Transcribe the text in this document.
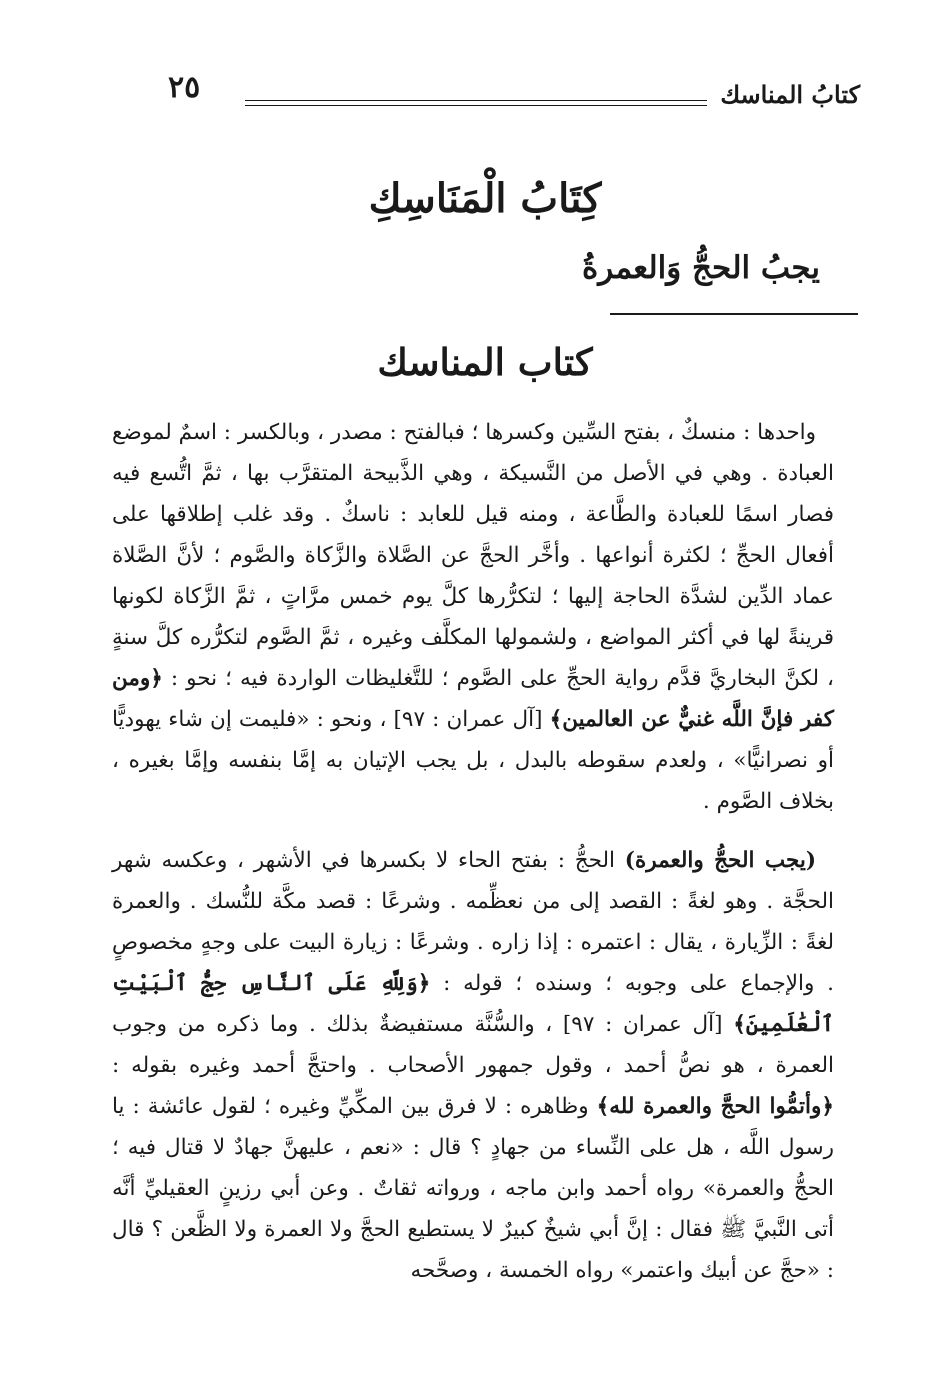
كتابُ المناسك
٢٥
كِتَابُ الْمَنَاسِكِ
يجبُ الحجُّ وَالعمرةُ
كتاب المناسك

واحدها : منسكٌ ، بفتح السِّين وكسرها ؛ فبالفتح : مصدر ، وبالكسر : اسمٌ لموضع العبادة . وهي في الأصل من النَّسيكة ، وهي الذَّبيحة المتقرَّب بها ، ثمَّ اتُّسع فيه فصار اسمًا للعبادة والطَّاعة ، ومنه قيل للعابد : ناسكٌ . وقد غلب إطلاقها على أفعال الحجِّ ؛ لكثرة أنواعها . وأخَّر الحجَّ عن الصَّلاة والزَّكاة والصَّوم ؛ لأنَّ الصَّلاة عماد الدِّين لشدَّة الحاجة إليها ؛ لتكرُّرها كلَّ يوم خمس مرَّاتٍ ، ثمَّ الزَّكاة لكونها قرينةً لها في أكثر المواضع ، ولشمولها المكلَّف وغيره ، ثمَّ الصَّوم لتكرُّره كلَّ سنةٍ ، لكنَّ البخاريَّ قدَّم رواية الحجِّ على الصَّوم ؛ للتَّغليظات الواردة فيه ؛ نحو : ﴿ومن كفر فإنَّ اللَّه غنيٌّ عن العالمين﴾ [آل عمران : ٩٧] ، ونحو : «فليمت إن شاء يهوديًّا أو نصرانيًّا» ، ولعدم سقوطه بالبدل ، بل يجب الإتيان به إمَّا بنفسه وإمَّا بغيره ، بخلاف الصَّوم .

(يجب الحجُّ والعمرة) الحجُّ : بفتح الحاء لا بكسرها في الأشهر ، وعكسه شهر الحجَّة . وهو لغةً : القصد إلى من نعظِّمه . وشرعًا : قصد مكَّة للنُّسك . والعمرة لغةً : الزِّيارة ، يقال : اعتمره : إذا زاره . وشرعًا : زيارة البيت على وجهٍ مخصوصٍ . والإجماع على وجوبه ؛ وسنده ؛ قوله : ﴿وَلِلَّهِ عَلَى ٱلنَّاسِ حِجُّ ٱلْبَيْتِ ٱلْعَٰلَمِينَ﴾ [آل عمران : ٩٧] ، والسُّنَّة مستفيضةٌ بذلك . وما ذكره من وجوب العمرة ، هو نصُّ أحمد ، وقول جمهور الأصحاب . واحتجَّ أحمد وغيره بقوله : ﴿وأتمُّوا الحجَّ والعمرة لله﴾ وظاهره : لا فرق بين المكِّيِّ وغيره ؛ لقول عائشة : يا رسول اللَّه ، هل على النِّساء من جهادٍ ؟ قال : «نعم ، عليهنَّ جهادٌ لا قتال فيه ؛ الحجُّ والعمرة» رواه أحمد وابن ماجه ، ورواته ثقاتٌ . وعن أبي رزينٍ العقيليِّ أنَّه أتى النَّبيَّ ﷺ فقال : إنَّ أبي شيخٌ كبيرٌ لا يستطيع الحجَّ ولا العمرة ولا الظَّعن ؟ قال : «حجَّ عن أبيك واعتمر» رواه الخمسة ، وصحَّحه
